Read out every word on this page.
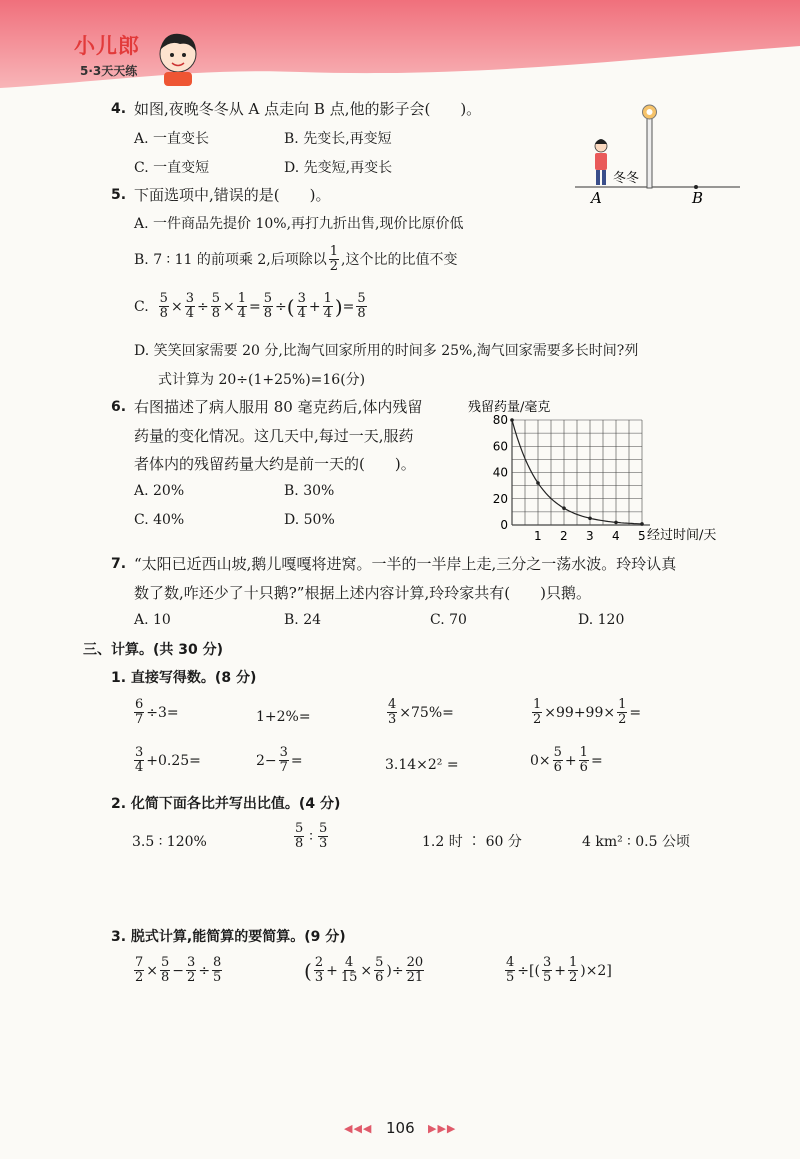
小儿郎
5·3天天练
4. 如图,夜晚冬冬从 A 点走向 B 点,他的影子会(　　)。
A. 一直变长	B. 先变长,再变短
C. 一直变短	D. 先变短,再变长
冬冬
A	B
5. 下面选项中,错误的是(　　)。
A. 一件商品先提价 10%,再打九折出售,现价比原价低
B. 7 ∶ 11 的前项乘 2,后项除以 $\frac{1}{2}$ ,这个比的比值不变
C. $\frac{5}{8} \times \frac{3}{4} \div \frac{5}{8} \times \frac{1}{4} = \frac{5}{8}$ ÷ ( $\frac{3}{4} + \frac{1}{4}$ ) = $\frac{5}{8}$
D. 笑笑回家需要 20 分,比淘气回家所用的时间多 25%,淘气回家需要多长时间?列
式计算为 20÷(1+25%)=16(分)
6. 右图描述了病人服用 80 毫克药后,体内残留
药量的变化情况。这几天中,每过一天,服药
者体内的残留药量大约是前一天的(　　)。
A. 20%	B. 30%
C. 40%	D. 50%
残留药量/毫克
经过时间/天
1 2 3 4 5
0
20
40
60
80
7. “太阳已近西山坡,鹅儿嘎嘎将进窝。一半的一半岸上走,三分之一荡水波。玲玲认真
数了数,咋还少了十只鹅?”根据上述内容计算,玲玲家共有(　　)只鹅。
A. 10	B. 24	C. 70	D. 120
三、计算。(共 30 分)
1. 直接写得数。(8 分)
$\frac{6}{7} \div 3=$	1+2%=	$\frac{4}{3} \times 75\%=$	$\frac{1}{2} \times 99+99\times \frac{1}{2}$ =
$\frac{3}{4} +0.25=$	$2- \frac{3}{7}$ =	3.14×2² =	$0\times \frac{5}{6} + \frac{1}{6}$ =
2. 化简下面各比并写出比值。(4 分)
3.5 ∶ 120%	$\frac{5}{8}$ ∶ $\frac{5}{3}$	1.2 时 ∶ 60 分	4 km² ∶ 0.5 公顷
3. 脱式计算,能简算的要简算。(9 分)
$\frac{7}{2} \times \frac{5}{8} - \frac{3}{2} \div \frac{8}{5}$	( $\frac{2}{3} + \frac{4}{15} \times \frac{5}{6}$ )÷ $\frac{20}{21}$	$\frac{4}{5}$ ÷[( $\frac{3}{5} + \frac{1}{2} )\times 2$]
◀◀◀ 106 ▶▶▶
